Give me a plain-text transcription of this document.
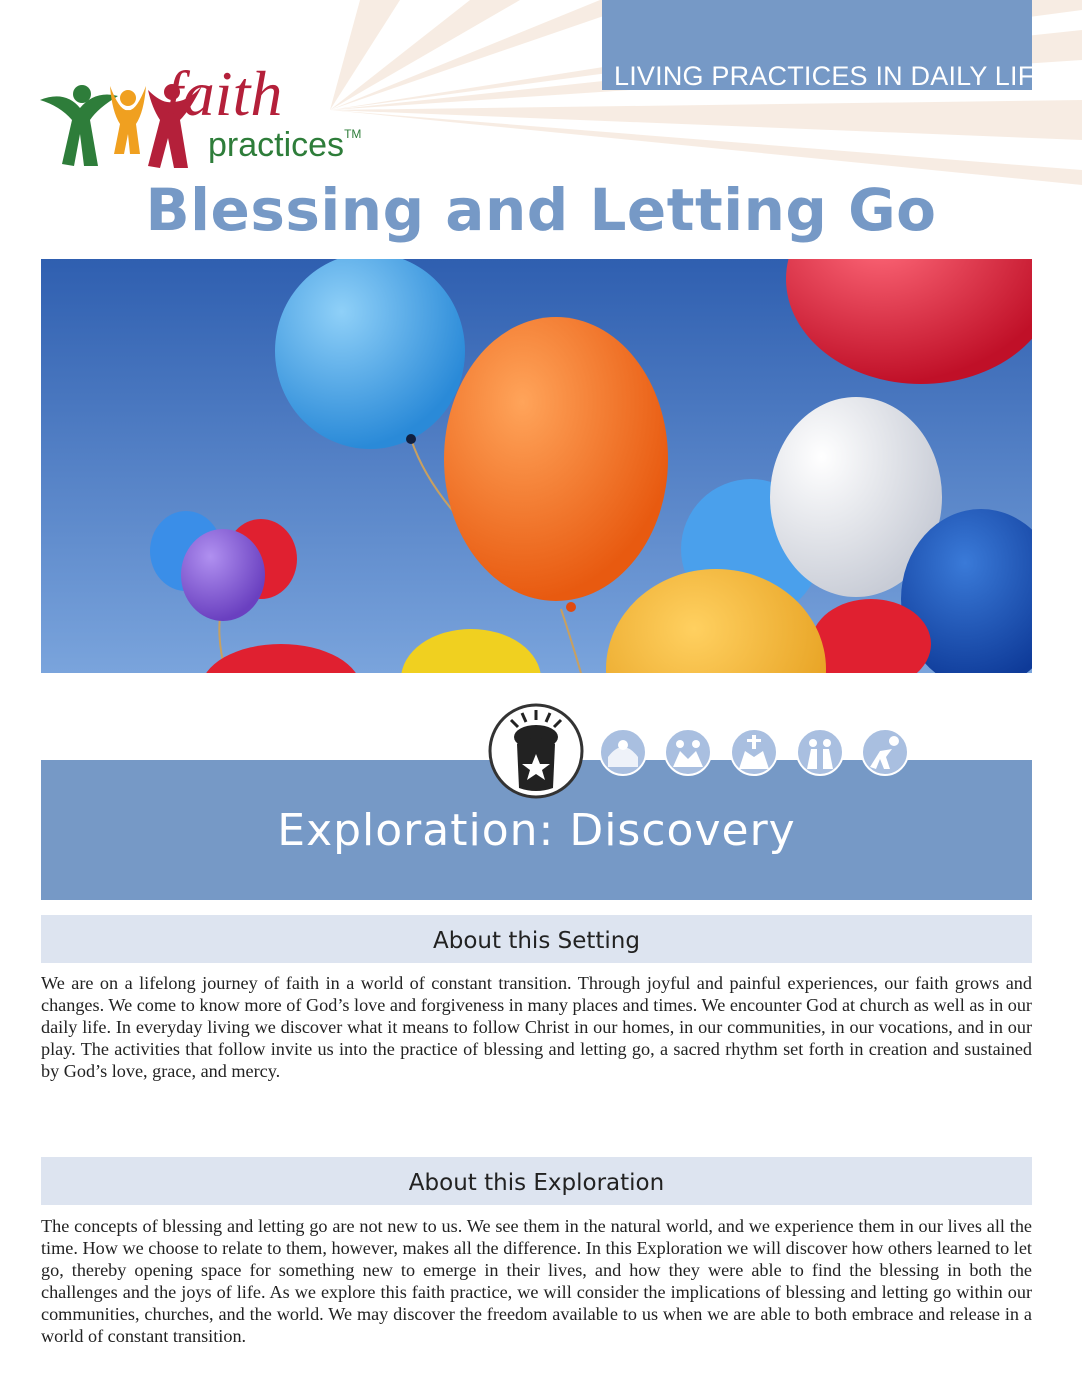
LIVING PRACTICES IN DAILY LIFE
faith
practices™
Blessing and Letting Go
Exploration: Discovery
About this Setting
We are on a lifelong journey of faith in a world of constant transition. Through joyful and painful experiences, our faith grows and changes. We come to know more of God’s love and forgiveness in many places and times. We encounter God at church as well as in our daily life. In everyday living we discover what it means to follow Christ in our homes, in our communities, in our vocations, and in our play. The activities that follow invite us into the practice of blessing and letting go, a sacred rhythm set forth in creation and sustained by God’s love, grace, and mercy.
About this Exploration
The concepts of blessing and letting go are not new to us. We see them in the natural world, and we experience them in our lives all the time. How we choose to relate to them, however, makes all the difference. In this Exploration we will discover how others learned to let go, thereby opening space for something new to emerge in their lives, and how they were able to find the blessing in both the challenges and the joys of life. As we explore this faith practice, we will consider the implications of blessing and letting go within our communities, churches, and the world. We may discover the freedom available to us when we are able to both embrace and release in a world of constant transition.
